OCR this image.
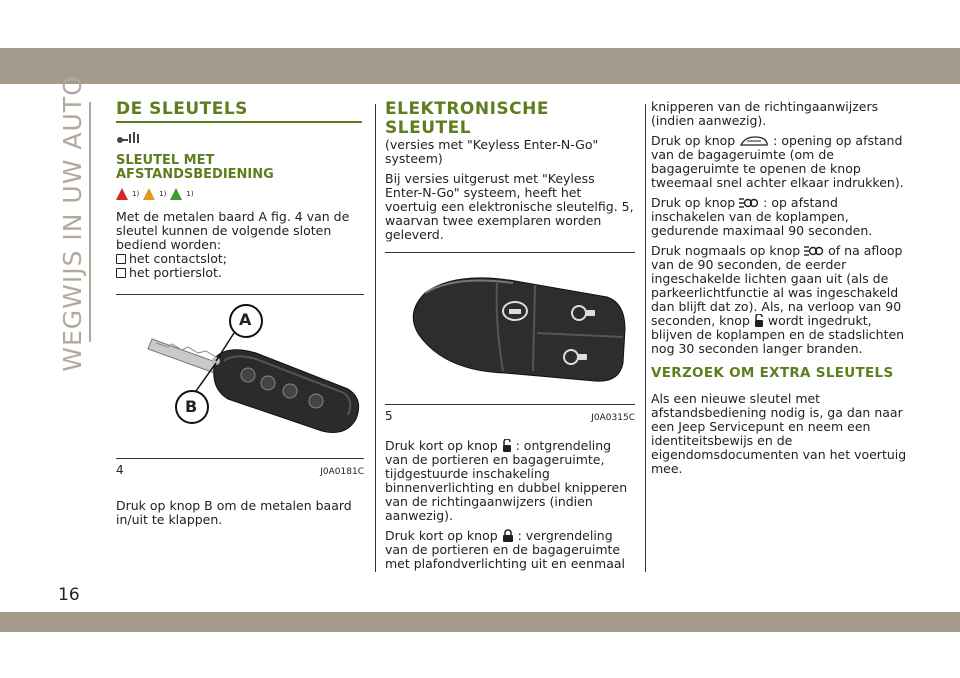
WEGWIJS IN UW AUTO
16
DE SLEUTELS
SLEUTEL MET AFSTANDSBEDIENING
1)	1)	1)

Met de metalen baard A fig. 4 van de sleutel kunnen de volgende sloten bediend worden:

het contactslot;
het portierslot.
A
B
4	J0A0181C

Druk op knop B om de metalen baard in/uit te klappen.

ELEKTRONISCHE SLEUTEL

(versies met "Keyless Enter-N-Go" systeem)

Bij versies uitgerust met "Keyless Enter-N-Go" systeem, heeft het voertuig een elektronische sleutelfig. 5, waarvan twee exemplaren worden geleverd.

5	J0A0315C

Druk kort op knop : ontgrendeling van de portieren en bagageruimte, tijdgestuurde inschakeling binnenverlichting en dubbel knipperen van de richtingaanwijzers (indien aanwezig).

Druk kort op knop : vergrendeling van de portieren en de bagageruimte met plafondverlichting uit en eenmaal

knipperen van de richtingaanwijzers (indien aanwezig).

Druk op knop	: opening op afstand van de bagageruimte (om de bagageruimte te openen de knop tweemaal snel achter elkaar indrukken).

Druk op knop : op afstand inschakelen van de koplampen, gedurende maximaal 90 seconden.

Druk nogmaals op knop of na afloop van de 90 seconden, de eerder ingeschakelde lichten gaan uit (als de parkeerlichtfunctie al was ingeschakeld dan blijft dat zo). Als, na verloop van 90 seconden, knop wordt ingedrukt, blijven de koplampen en de stadslichten nog 30 seconden langer branden.

VERZOEK OM EXTRA SLEUTELS

Als een nieuwe sleutel met afstandsbediening nodig is, ga dan naar een Jeep Servicepunt en neem een identiteitsbewijs en de eigendomsdocumenten van het voertuig mee.
